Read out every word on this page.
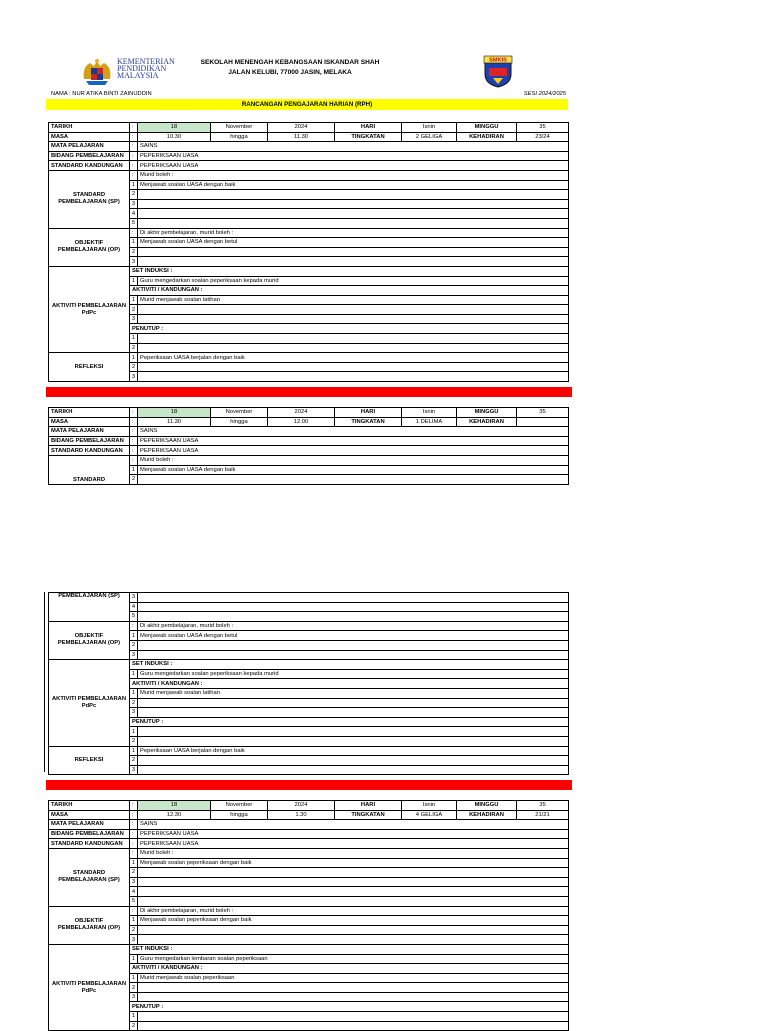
KEMENTERIAN
PENDIDIKAN
MALAYSIA
SEKOLAH MENENGAH KEBANGSAAN ISKANDAR SHAH
JALAN KELUBI, 77000 JASIN, MELAKA
SMKIS
NAMA : NUR ATIKA BINTI ZAINUDDIN	SESI 2024/2025
RANCANGAN PENGAJARAN HARIAN (RPH)
TARIKH	:	18	November	2024	HARI	Isnin	MINGGU	35
MASA	:	10.30	hingga	11.30	TINGKATAN	2 GELIGA	KEHADIRAN	23/24
MATA PELAJARAN	:	SAINS						
BIDANG PEMBELAJARAN	:	PEPERIKSAAN UASA						
STANDARD KANDUNGAN	:	PEPERIKSAAN UASA						
STANDARD PEMBELAJARAN (SP)	:	Murid boleh :						
	1	Menjawab soalan UASA dengan baik						
	2							
	3							
	4							
	5							
OBJEKTIF PEMBELAJARAN (OP)	:	Di akhir pembelajaran, murid boleh :						
	1	Menjawab soalan UASA dengan betul						
	2							
	3							
AKTIVITI PEMBELAJARAN PdPc	SET INDUKSI :							
	1	Guru mengedarkan soalan peperiksaan kepada murid						
	AKTIVITI / KANDUNGAN :							
	1	Murid menjawab soalan latihan						
	2							
	3							
	PENUTUP :							
	1							
	2							
REFLEKSI	1	Peperiksaan UASA berjalan dengan baik						
	2							
	3							
TARIKH	:	18	November	2024	HARI	Isnin	MINGGU	35
MASA	:	11.30	hingga	12.00	TINGKATAN	1 DELIMA	KEHADIRAN	
MATA PELAJARAN	:	SAINS						
BIDANG PEMBELAJARAN	:	PEPERIKSAAN UASA						
STANDARD KANDUNGAN	:	PEPERIKSAAN UASA						
STANDARD	:	Murid boleh :						
	1	Menjawab soalan UASA dengan baik						
	2							
PEMBELAJARAN (SP)	3	
	4	
	5	
OBJEKTIF PEMBELAJARAN (OP)	:	Di akhir pembelajaran, murid boleh :
	1	Menjawab soalan UASA dengan betul
	2	
	3	
AKTIVITI PEMBELAJARAN PdPc	SET INDUKSI :	
	1	Guru mengedarkan soalan peperiksaan kepada murid
	AKTIVITI / KANDUNGAN :	
	1	Murid menjawab soalan latihan
	2	
	3	
	PENUTUP :	
	1	
	2	
REFLEKSI	1	Peperiksaan UASA berjalan dengan baik
	2	
	3	
TARIKH	:	18	November	2024	HARI	Isnin	MINGGU	35
MASA	:	12.30	hingga	1.30	TINGKATAN	4 GELIGA	KEHADIRAN	21/21
MATA PELAJARAN	:	SAINS						
BIDANG PEMBELAJARAN	:	PEPERIKSAAN UASA						
STANDARD KANDUNGAN	:	PEPERIKSAAN UASA						
STANDARD PEMBELAJARAN (SP)	:	Murid boleh :						
	1	Menjawab soalan peperiksaan dengan baik						
	2							
	3							
	4							
	5							
OBJEKTIF PEMBELAJARAN (OP)	:	Di akhir pembelajaran, murid boleh :						
	1	Menjawab soalan peperiksaan dengan baik						
	2							
	3							
AKTIVITI PEMBELAJARAN PdPc	SET INDUKSI :							
	1	Guru mengedarkan lembaran soalan peperiksaan						
	AKTIVITI / KANDUNGAN :							
	1	Murid menjawab soalan peperiksaan						
	2							
	3							
	PENUTUP :							
	1							
	2							
